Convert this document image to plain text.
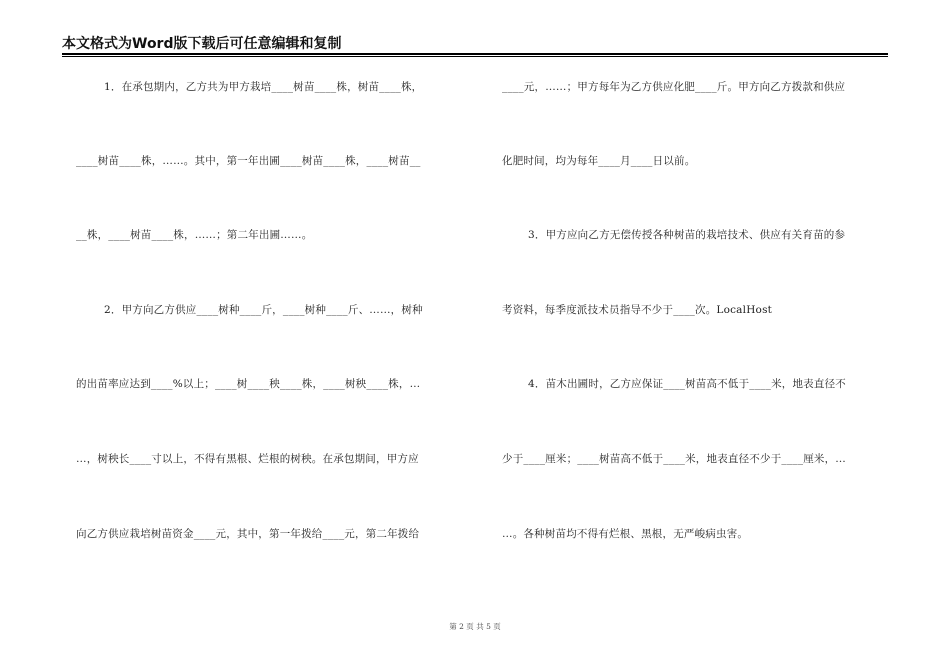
本文格式为Word版下载后可任意编辑和复制
1．在承包期内，乙方共为甲方栽培____树苗____株，树苗____株，
____树苗____株，……。其中，第一年出圃____树苗____株，____树苗__
__株，____树苗____株，……；第二年出圃……。
2．甲方向乙方供应____树种____斤，____树种____斤、……，树种
的出苗率应达到____%以上；____树____秧____株，____树秧____株，…
…，树秧长____寸以上，不得有黑根、烂根的树秧。在承包期间，甲方应
向乙方供应栽培树苗资金____元，其中，第一年拨给____元，第二年拨给
____元，……；甲方每年为乙方供应化肥____斤。甲方向乙方拨款和供应
化肥时间，均为每年____月____日以前。
3．甲方应向乙方无偿传授各种树苗的栽培技术、供应有关育苗的参
考资料，每季度派技术员指导不少于____次。LocalHost
4．苗木出圃时，乙方应保证____树苗高不低于____米，地表直径不
少于____厘米；____树苗高不低于____米，地表直径不少于____厘米，…
…。各种树苗均不得有烂根、黑根，无严峻病虫害。
第 2 页 共 5 页
